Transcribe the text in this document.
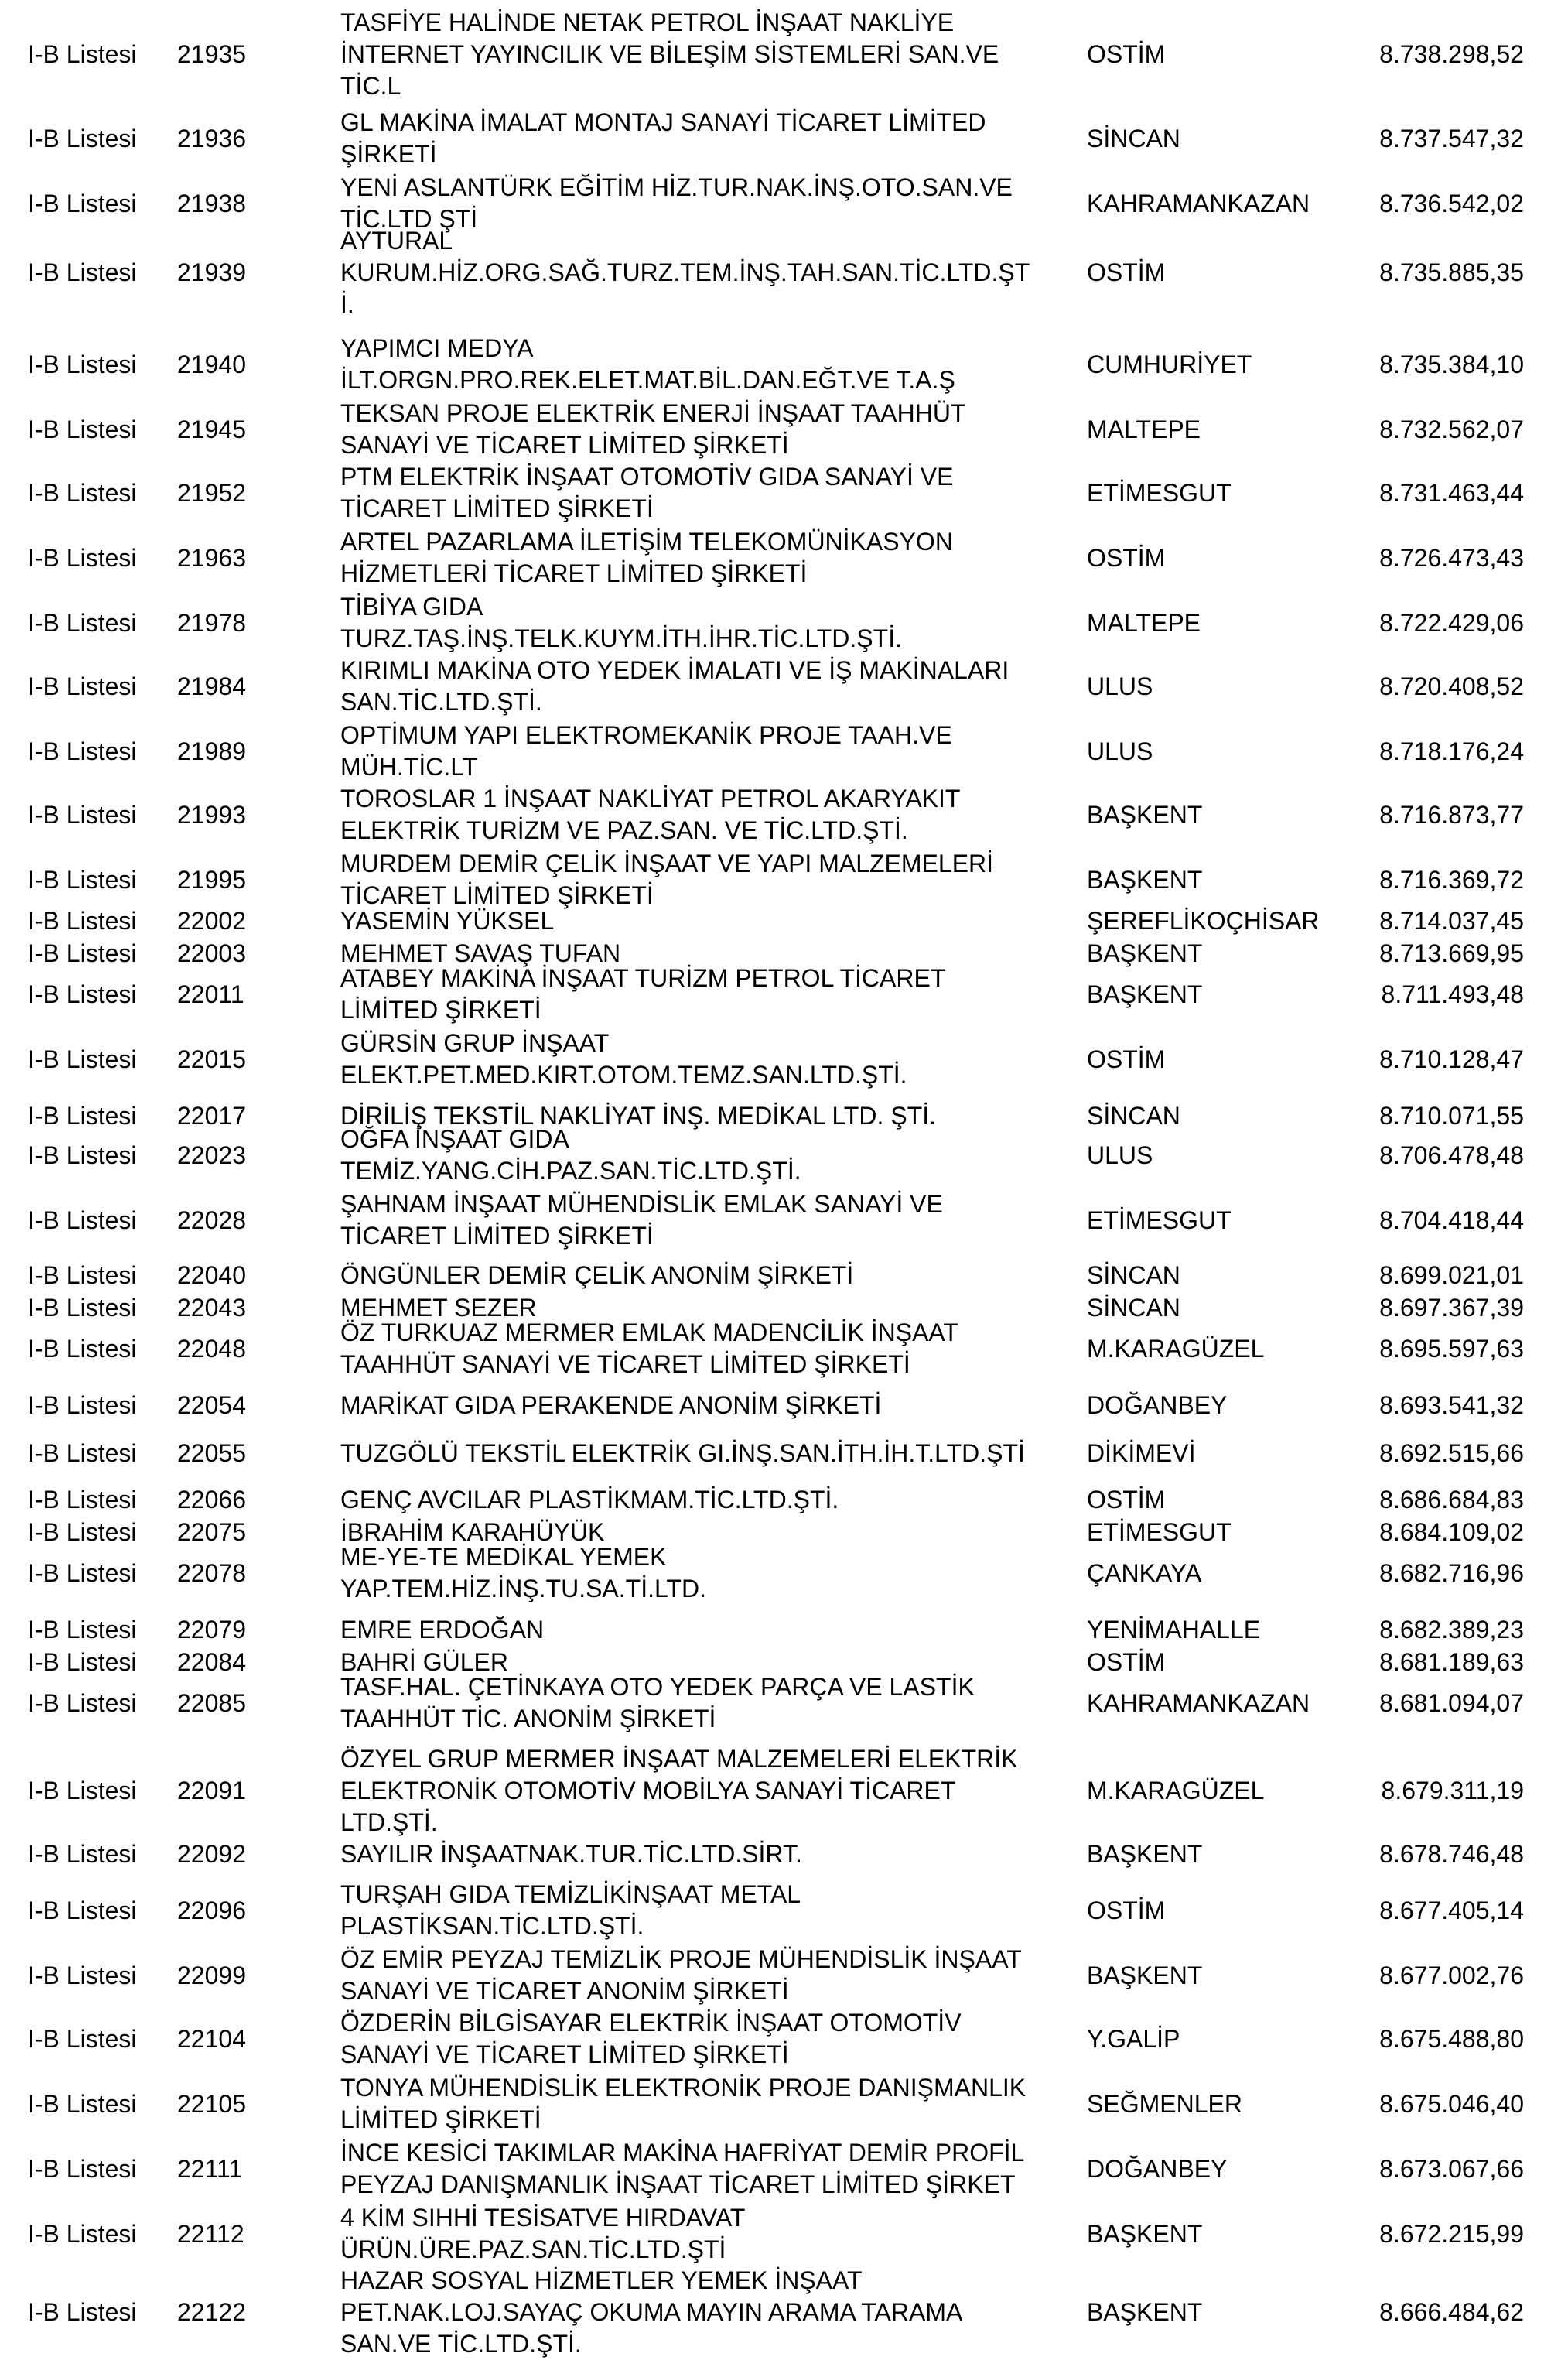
I-B Listesi 21935
TASFİYE HALİNDE NETAK PETROL İNŞAAT NAKLİYE
İNTERNET YAYINCILIK VE BİLEŞİM SİSTEMLERİ SAN.VE
TİC.L
OSTİM	8.738.298,52
I-B Listesi 21936
GL MAKİNA İMALAT MONTAJ SANAYİ TİCARET LİMİTED
ŞİRKETİ
SİNCAN	8.737.547,32
I-B Listesi 21938
YENİ ASLANTÜRK EĞİTİM HİZ.TUR.NAK.İNŞ.OTO.SAN.VE
TİC.LTD ŞTİ
KAHRAMANKAZAN	8.736.542,02
I-B Listesi 21939
AYTURAL
KURUM.HİZ.ORG.SAĞ.TURZ.TEM.İNŞ.TAH.SAN.TİC.LTD.ŞT
İ.
OSTİM	8.735.885,35
I-B Listesi 21940
YAPIMCI MEDYA
İLT.ORGN.PRO.REK.ELET.MAT.BİL.DAN.EĞT.VE T.A.Ş
CUMHURİYET	8.735.384,10
I-B Listesi 21945
TEKSAN PROJE ELEKTRİK ENERJİ İNŞAAT TAAHHÜT
SANAYİ VE TİCARET LİMİTED ŞİRKETİ
MALTEPE	8.732.562,07
I-B Listesi 21952
PTM ELEKTRİK İNŞAAT OTOMOTİV GIDA SANAYİ VE
TİCARET LİMİTED ŞİRKETİ
ETİMESGUT	8.731.463,44
I-B Listesi 21963
ARTEL PAZARLAMA İLETİŞİM TELEKOMÜNİKASYON
HİZMETLERİ TİCARET LİMİTED ŞİRKETİ
OSTİM	8.726.473,43
I-B Listesi 21978
TİBİYA GIDA
TURZ.TAŞ.İNŞ.TELK.KUYM.İTH.İHR.TİC.LTD.ŞTİ.
MALTEPE	8.722.429,06
I-B Listesi 21984
KIRIMLI MAKİNA OTO YEDEK İMALATI VE İŞ MAKİNALARI
SAN.TİC.LTD.ŞTİ.
ULUS	8.720.408,52
I-B Listesi 21989
OPTİMUM YAPI ELEKTROMEKANİK PROJE TAAH.VE
MÜH.TİC.LT
ULUS	8.718.176,24
I-B Listesi 21993
TOROSLAR 1 İNŞAAT NAKLİYAT PETROL AKARYAKIT
ELEKTRİK TURİZM VE PAZ.SAN. VE TİC.LTD.ŞTİ.
BAŞKENT	8.716.873,77
I-B Listesi 21995
MURDEM DEMİR ÇELİK İNŞAAT VE YAPI MALZEMELERİ
TİCARET LİMİTED ŞİRKETİ
BAŞKENT	8.716.369,72
I-B Listesi 22002	YASEMİN YÜKSEL	ŞEREFLİKOÇHİSAR 8.714.037,45
I-B Listesi 22003	MEHMET SAVAŞ TUFAN	BAŞKENT	8.713.669,95
I-B Listesi 22011
ATABEY MAKİNA İNŞAAT TURİZM PETROL TİCARET
LİMİTED ŞİRKETİ
BAŞKENT	8.711.493,48
I-B Listesi 22015
GÜRSİN GRUP İNŞAAT
ELEKT.PET.MED.KIRT.OTOM.TEMZ.SAN.LTD.ŞTİ.
OSTİM	8.710.128,47
I-B Listesi 22017	DİRİLİŞ TEKSTİL NAKLİYAT İNŞ. MEDİKAL LTD. ŞTİ.	SİNCAN	8.710.071,55
I-B Listesi 22023
OĞFA İNŞAAT GIDA
TEMİZ.YANG.CİH.PAZ.SAN.TİC.LTD.ŞTİ.
ULUS	8.706.478,48
I-B Listesi 22028
ŞAHNAM İNŞAAT MÜHENDİSLİK EMLAK SANAYİ VE
TİCARET LİMİTED ŞİRKETİ
ETİMESGUT	8.704.418,44
I-B Listesi 22040	ÖNGÜNLER DEMİR ÇELİK ANONİM ŞİRKETİ	SİNCAN	8.699.021,01
I-B Listesi 22043	MEHMET SEZER	SİNCAN	8.697.367,39
I-B Listesi 22048
ÖZ TURKUAZ MERMER EMLAK MADENCİLİK İNŞAAT
TAAHHÜT SANAYİ VE TİCARET LİMİTED ŞİRKETİ
M.KARAGÜZEL	8.695.597,63
I-B Listesi 22054	MARİKAT GIDA PERAKENDE ANONİM ŞİRKETİ	DOĞANBEY	8.693.541,32
I-B Listesi 22055	TUZGÖLÜ TEKSTİL ELEKTRİK GI.İNŞ.SAN.İTH.İH.T.LTD.ŞTİ	DİKİMEVİ	8.692.515,66
I-B Listesi 22066	GENÇ AVCILAR PLASTİKMAM.TİC.LTD.ŞTİ.	OSTİM	8.686.684,83
I-B Listesi 22075	İBRAHİM KARAHÜYÜK	ETİMESGUT	8.684.109,02
I-B Listesi 22078
ME-YE-TE MEDİKAL YEMEK
YAP.TEM.HİZ.İNŞ.TU.SA.Tİ.LTD.
ÇANKAYA	8.682.716,96
I-B Listesi 22079	EMRE ERDOĞAN	YENİMAHALLE	8.682.389,23
I-B Listesi 22084	BAHRİ GÜLER	OSTİM	8.681.189,63
I-B Listesi 22085
TASF.HAL. ÇETİNKAYA OTO YEDEK PARÇA VE LASTİK
TAAHHÜT TİC. ANONİM ŞİRKETİ
KAHRAMANKAZAN	8.681.094,07
I-B Listesi 22091
ÖZYEL GRUP MERMER İNŞAAT MALZEMELERİ ELEKTRİK
ELEKTRONİK OTOMOTİV MOBİLYA SANAYİ TİCARET
LTD.ŞTİ.
M.KARAGÜZEL	8.679.311,19
I-B Listesi 22092	SAYILIR İNŞAATNAK.TUR.TİC.LTD.SİRT.	BAŞKENT	8.678.746,48
I-B Listesi 22096
TURŞAH GIDA TEMİZLİKİNŞAAT METAL
PLASTİKSAN.TİC.LTD.ŞTİ.
OSTİM	8.677.405,14
I-B Listesi 22099
ÖZ EMİR PEYZAJ TEMİZLİK PROJE MÜHENDİSLİK İNŞAAT
SANAYİ VE TİCARET ANONİM ŞİRKETİ
BAŞKENT	8.677.002,76
I-B Listesi 22104
ÖZDERİN BİLGİSAYAR ELEKTRİK İNŞAAT OTOMOTİV
SANAYİ VE TİCARET LİMİTED ŞİRKETİ
Y.GALİP	8.675.488,80
I-B Listesi 22105
TONYA MÜHENDİSLİK ELEKTRONİK PROJE DANIŞMANLIK
LİMİTED ŞİRKETİ
SEĞMENLER	8.675.046,40
I-B Listesi 22111
İNCE KESİCİ TAKIMLAR MAKİNA HAFRİYAT DEMİR PROFİL
PEYZAJ DANIŞMANLIK İNŞAAT TİCARET LİMİTED ŞİRKET
DOĞANBEY	8.673.067,66
I-B Listesi 22112
4 KİM SIHHİ TESİSATVE HIRDAVAT
ÜRÜN.ÜRE.PAZ.SAN.TİC.LTD.ŞTİ
BAŞKENT	8.672.215,99
I-B Listesi 22122
HAZAR SOSYAL HİZMETLER YEMEK İNŞAAT
PET.NAK.LOJ.SAYAÇ OKUMA MAYIN ARAMA TARAMA
SAN.VE TİC.LTD.ŞTİ.
BAŞKENT	8.666.484,62
